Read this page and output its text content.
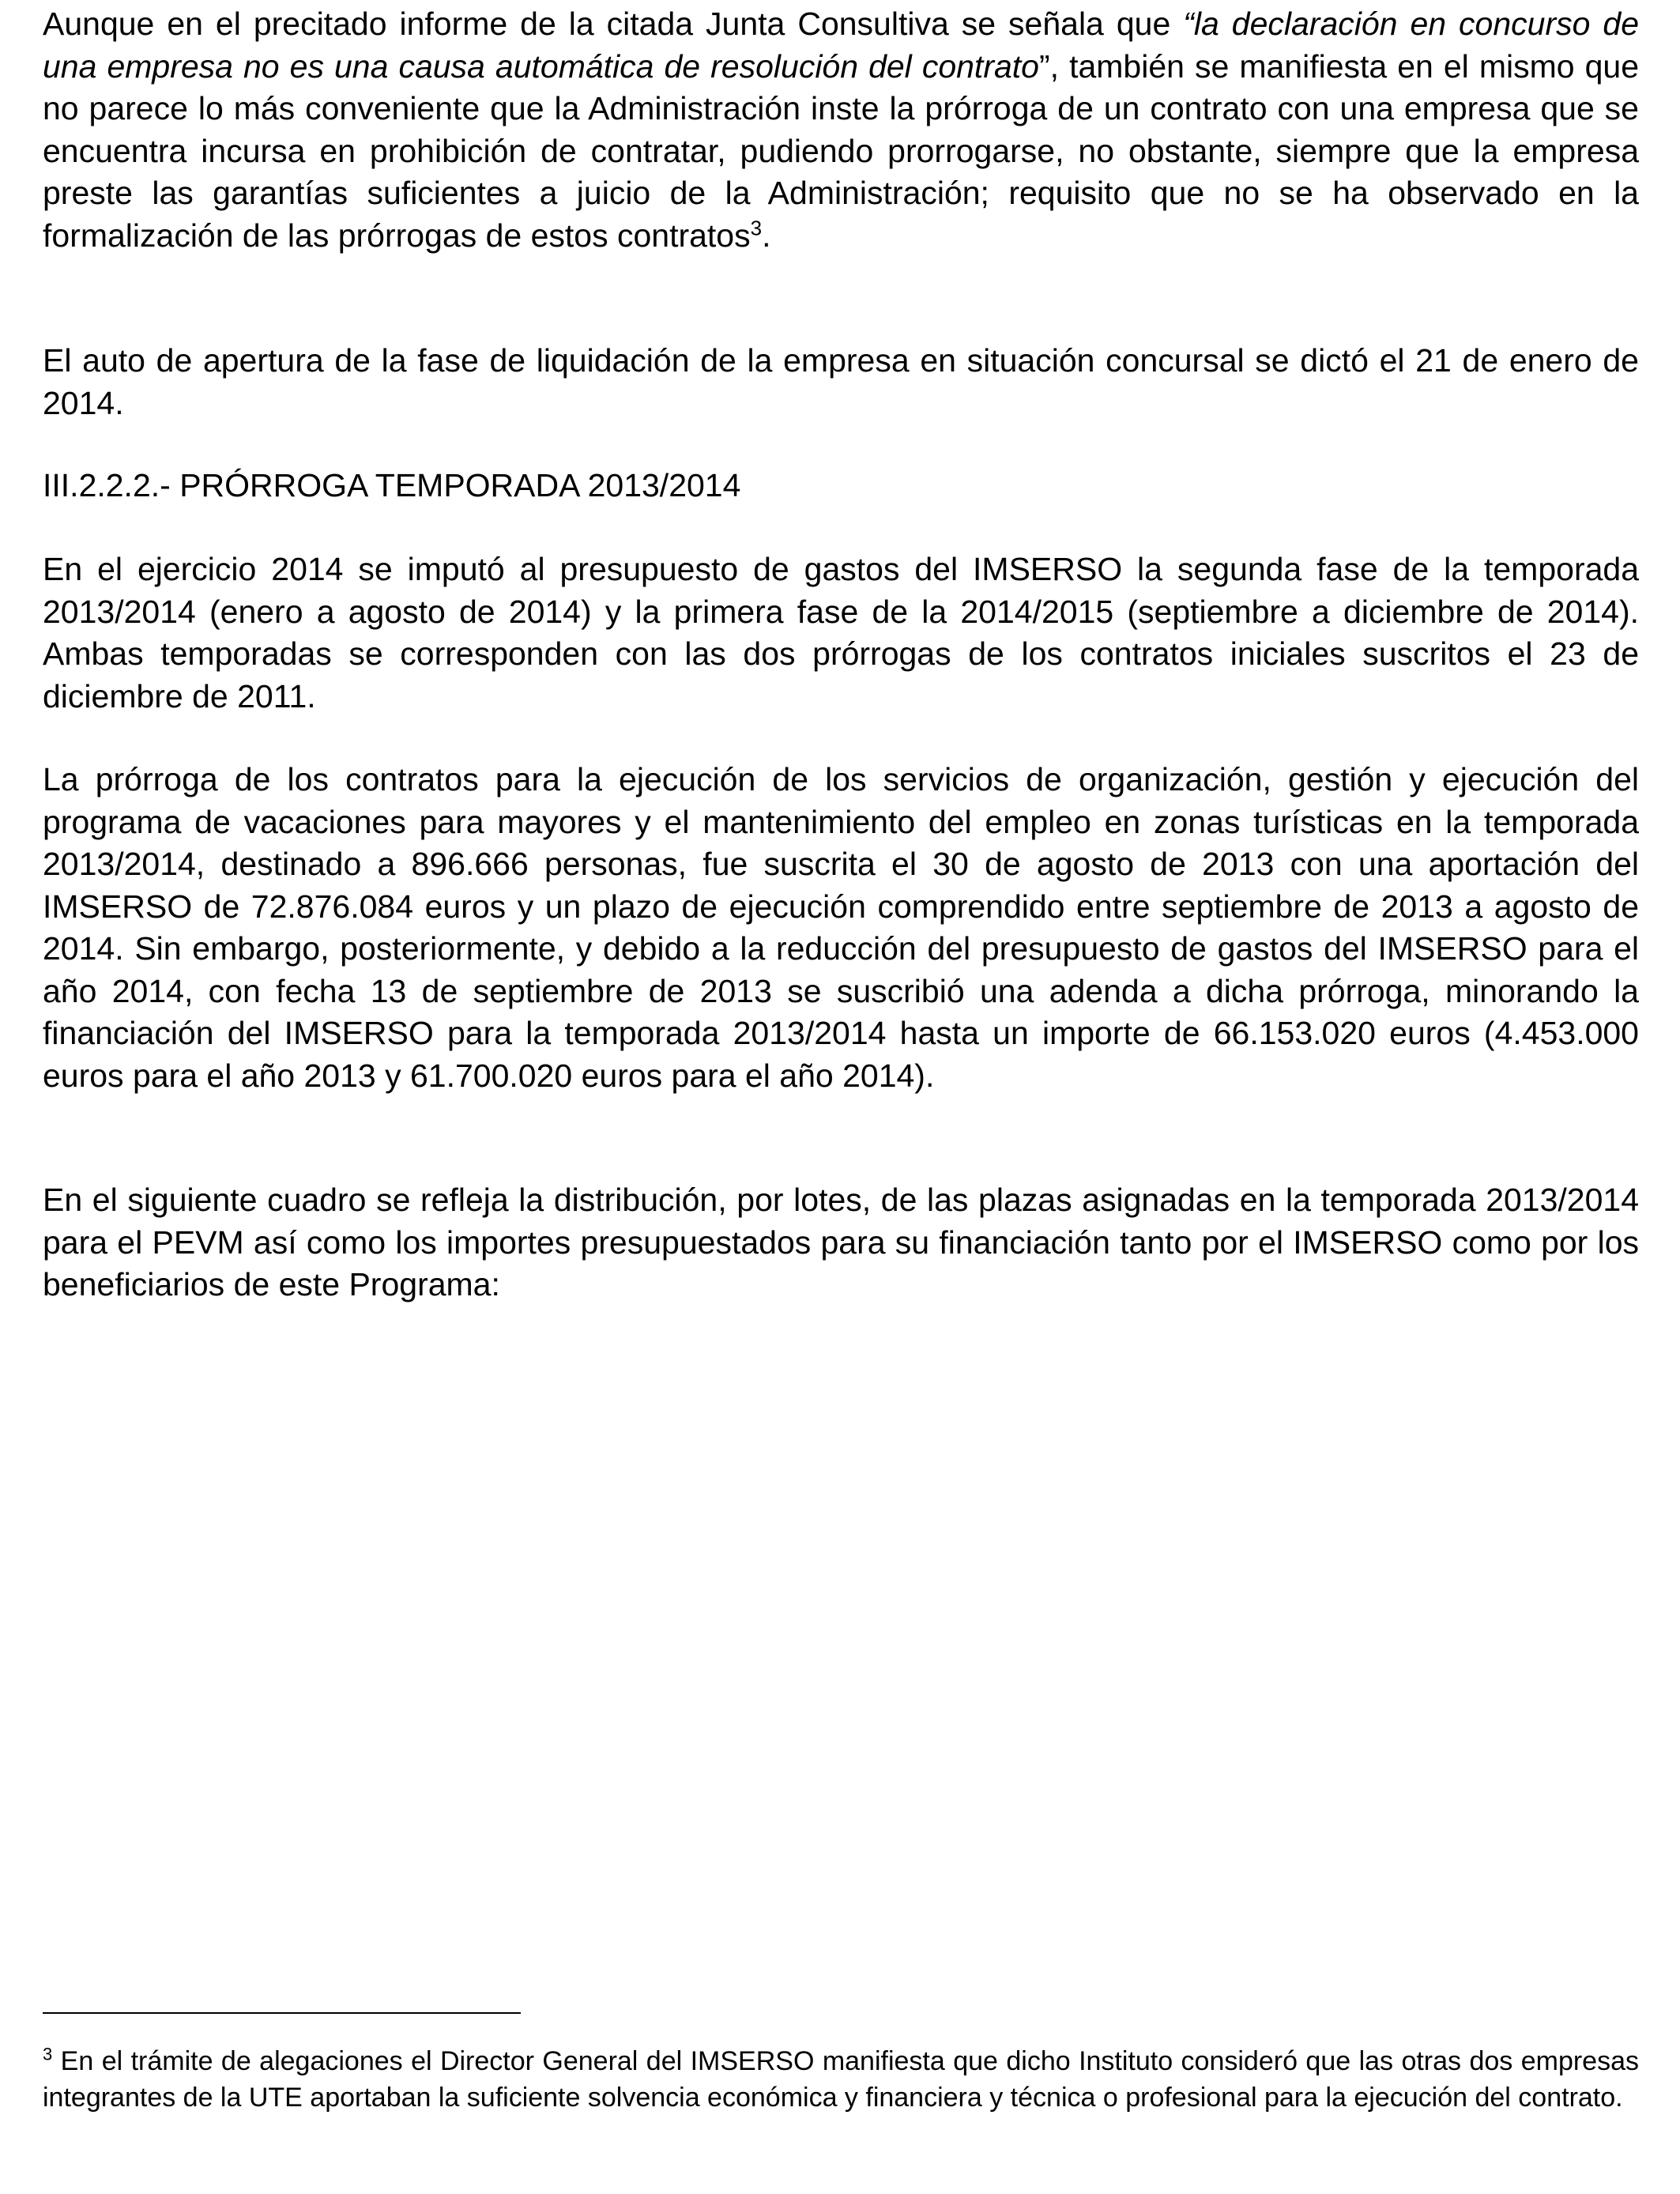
Aunque en el precitado informe de la citada Junta Consultiva se señala que “la declaración en concurso de una empresa no es una causa automática de resolución del contrato”, también se manifiesta en el mismo que no parece lo más conveniente que la Administración inste la prórroga de un contrato con una empresa que se encuentra incursa en prohibición de contratar, pudiendo prorrogarse, no obstante, siempre que la empresa preste las garantías suficientes a juicio de la Administración; requisito que no se ha observado en la formalización de las prórrogas de estos contratos$^3$.

El auto de apertura de la fase de liquidación de la empresa en situación concursal se dictó el 21 de enero de 2014.

III.2.2.2.- PRÓRROGA TEMPORADA 2013/2014

En el ejercicio 2014 se imputó al presupuesto de gastos del IMSERSO la segunda fase de la temporada 2013/2014 (enero a agosto de 2014) y la primera fase de la 2014/2015 (septiembre a diciembre de 2014). Ambas temporadas se corresponden con las dos prórrogas de los contratos iniciales suscritos el 23 de diciembre de 2011.

La prórroga de los contratos para la ejecución de los servicios de organización, gestión y ejecución del programa de vacaciones para mayores y el mantenimiento del empleo en zonas turísticas en la temporada 2013/2014, destinado a 896.666 personas, fue suscrita el 30 de agosto de 2013 con una aportación del IMSERSO de 72.876.084 euros y un plazo de ejecución comprendido entre septiembre de 2013 a agosto de 2014. Sin embargo, posteriormente, y debido a la reducción del presupuesto de gastos del IMSERSO para el año 2014, con fecha 13 de septiembre de 2013 se suscribió una adenda a dicha prórroga, minorando la financiación del IMSERSO para la temporada 2013/2014 hasta un importe de 66.153.020 euros (4.453.000 euros para el año 2013 y 61.700.020 euros para el año 2014).

En el siguiente cuadro se refleja la distribución, por lotes, de las plazas asignadas en la temporada 2013/2014 para el PEVM así como los importes presupuestados para su financiación tanto por el IMSERSO como por los beneficiarios de este Programa:

$^3$ En el trámite de alegaciones el Director General del IMSERSO manifiesta que dicho Instituto consideró que las otras dos empresas integrantes de la UTE aportaban la suficiente solvencia económica y financiera y técnica o profesional para la ejecución del contrato.
